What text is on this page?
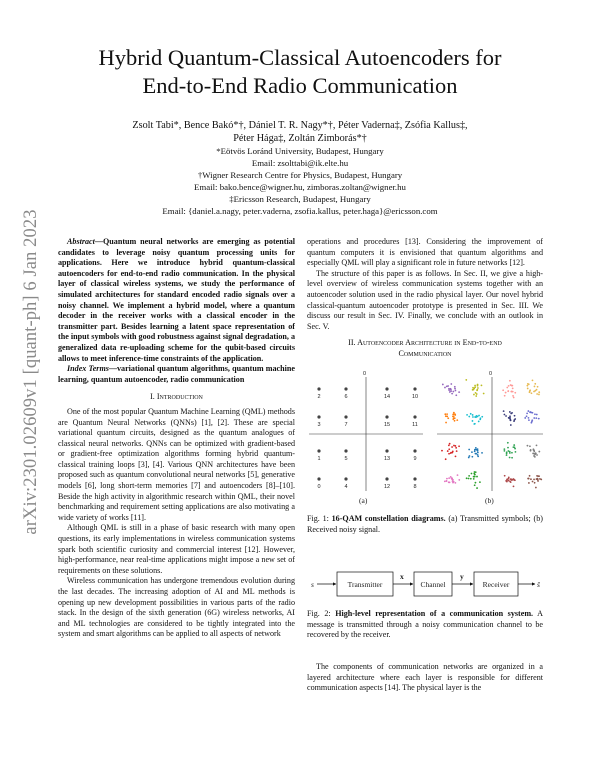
arXiv:2301.02609v1 [quant-ph] 6 Jan 2023
Hybrid Quantum-Classical Autoencoders for
End-to-End Radio Communication
Zsolt Tabi*, Bence Bakó*†, Dániel T. R. Nagy*†, Péter Vaderna‡, Zsófia Kallus‡,
Péter Hága‡, Zoltán Zimborás*†
*Eötvös Loránd University, Budapest, Hungary
Email: zsolttabi@ik.elte.hu
†Wigner Research Centre for Physics, Budapest, Hungary
Email: bako.bence@wigner.hu, zimboras.zoltan@wigner.hu
‡Ericsson Research, Budapest, Hungary
Email: {daniel.a.nagy, peter.vaderna, zsofia.kallus, peter.haga}@ericsson.com

Abstract—Quantum neural networks are emerging as potential candidates to leverage noisy quantum processing units for applications. Here we introduce hybrid quantum-classical autoencoders for end-to-end radio communication. In the physical layer of classical wireless systems, we study the performance of simulated architectures for standard encoded radio signals over a noisy channel. We implement a hybrid model, where a quantum decoder in the receiver works with a classical encoder in the transmitter part. Besides learning a latent space representation of the input symbols with good robustness against signal degradation, a generalized data re-uploading scheme for the qubit-based circuits allows to meet inference-time constraints of the application.

Index Terms—variational quantum algorithms, quantum machine learning, quantum autoencoder, radio communication

I. Introduction

One of the most popular Quantum Machine Learning (QML) methods are Quantum Neural Networks (QNNs) [1], [2]. These are special variational quantum circuits, designed as the quantum analogues of classical neural networks. QNNs can be optimized with gradient-based or gradient-free optimization algorithms forming hybrid quantum-classical training loops [3], [4]. Various QNN architectures have been proposed such as quantum convolutional neural networks [5], generative models [6], long short-term memories [7] and autoencoders [8]–[10]. Beside the high activity in algorithmic research within QML, their novel benchmarking and requirement setting applications are also motivating a wide variety of works [11].

Although QML is still in a phase of basic research with many open questions, its early implementations in wireless communication systems spark both scientific curiosity and commercial interest [12]. However, high-performance, near real-time applications might impose a new set of requirements on these solutions.

Wireless communication has undergone tremendous evolution during the last decades. The increasing adoption of AI and ML methods is opening up new development possibilities in various parts of the radio stack. In the design of the sixth generation (6G) wireless networks, AI and ML technologies are considered to be tightly integrated into the system and smart algorithms can be applied to all aspects of network

operations and procedures [13]. Considering the improvement of quantum computers it is envisioned that quantum algorithms and especially QML will play a significant role in future networks [12].

The structure of this paper is as follows. In Sec. II, we give a high-level overview of wireless communication systems together with an autoencoder solution used in the radio physical layer. Our novel hybrid classical-quantum autoencoder prototype is presented in Sec. III. We discuss our result in Sec. IV. Finally, we conclude with an outlook in Sec. V.

II. Autoencoder Architecture in End-to-end
Communication
0
2	6	14	10
3	7	15	11
1	5	13	9
0	4	12	8
0
(a)	(b)
Fig. 1: 16-QAM constellation diagrams. (a) Transmitted symbols; (b) Received noisy signal.
s	Transmitter
x
Channel
y
Receiver	ŝ
Fig. 2: High-level representation of a communication system. A message is transmitted through a noisy communication channel to be recovered by the receiver.

The components of communication networks are organized in a layered architecture where each layer is responsible for different communication aspects [14]. The physical layer is the
